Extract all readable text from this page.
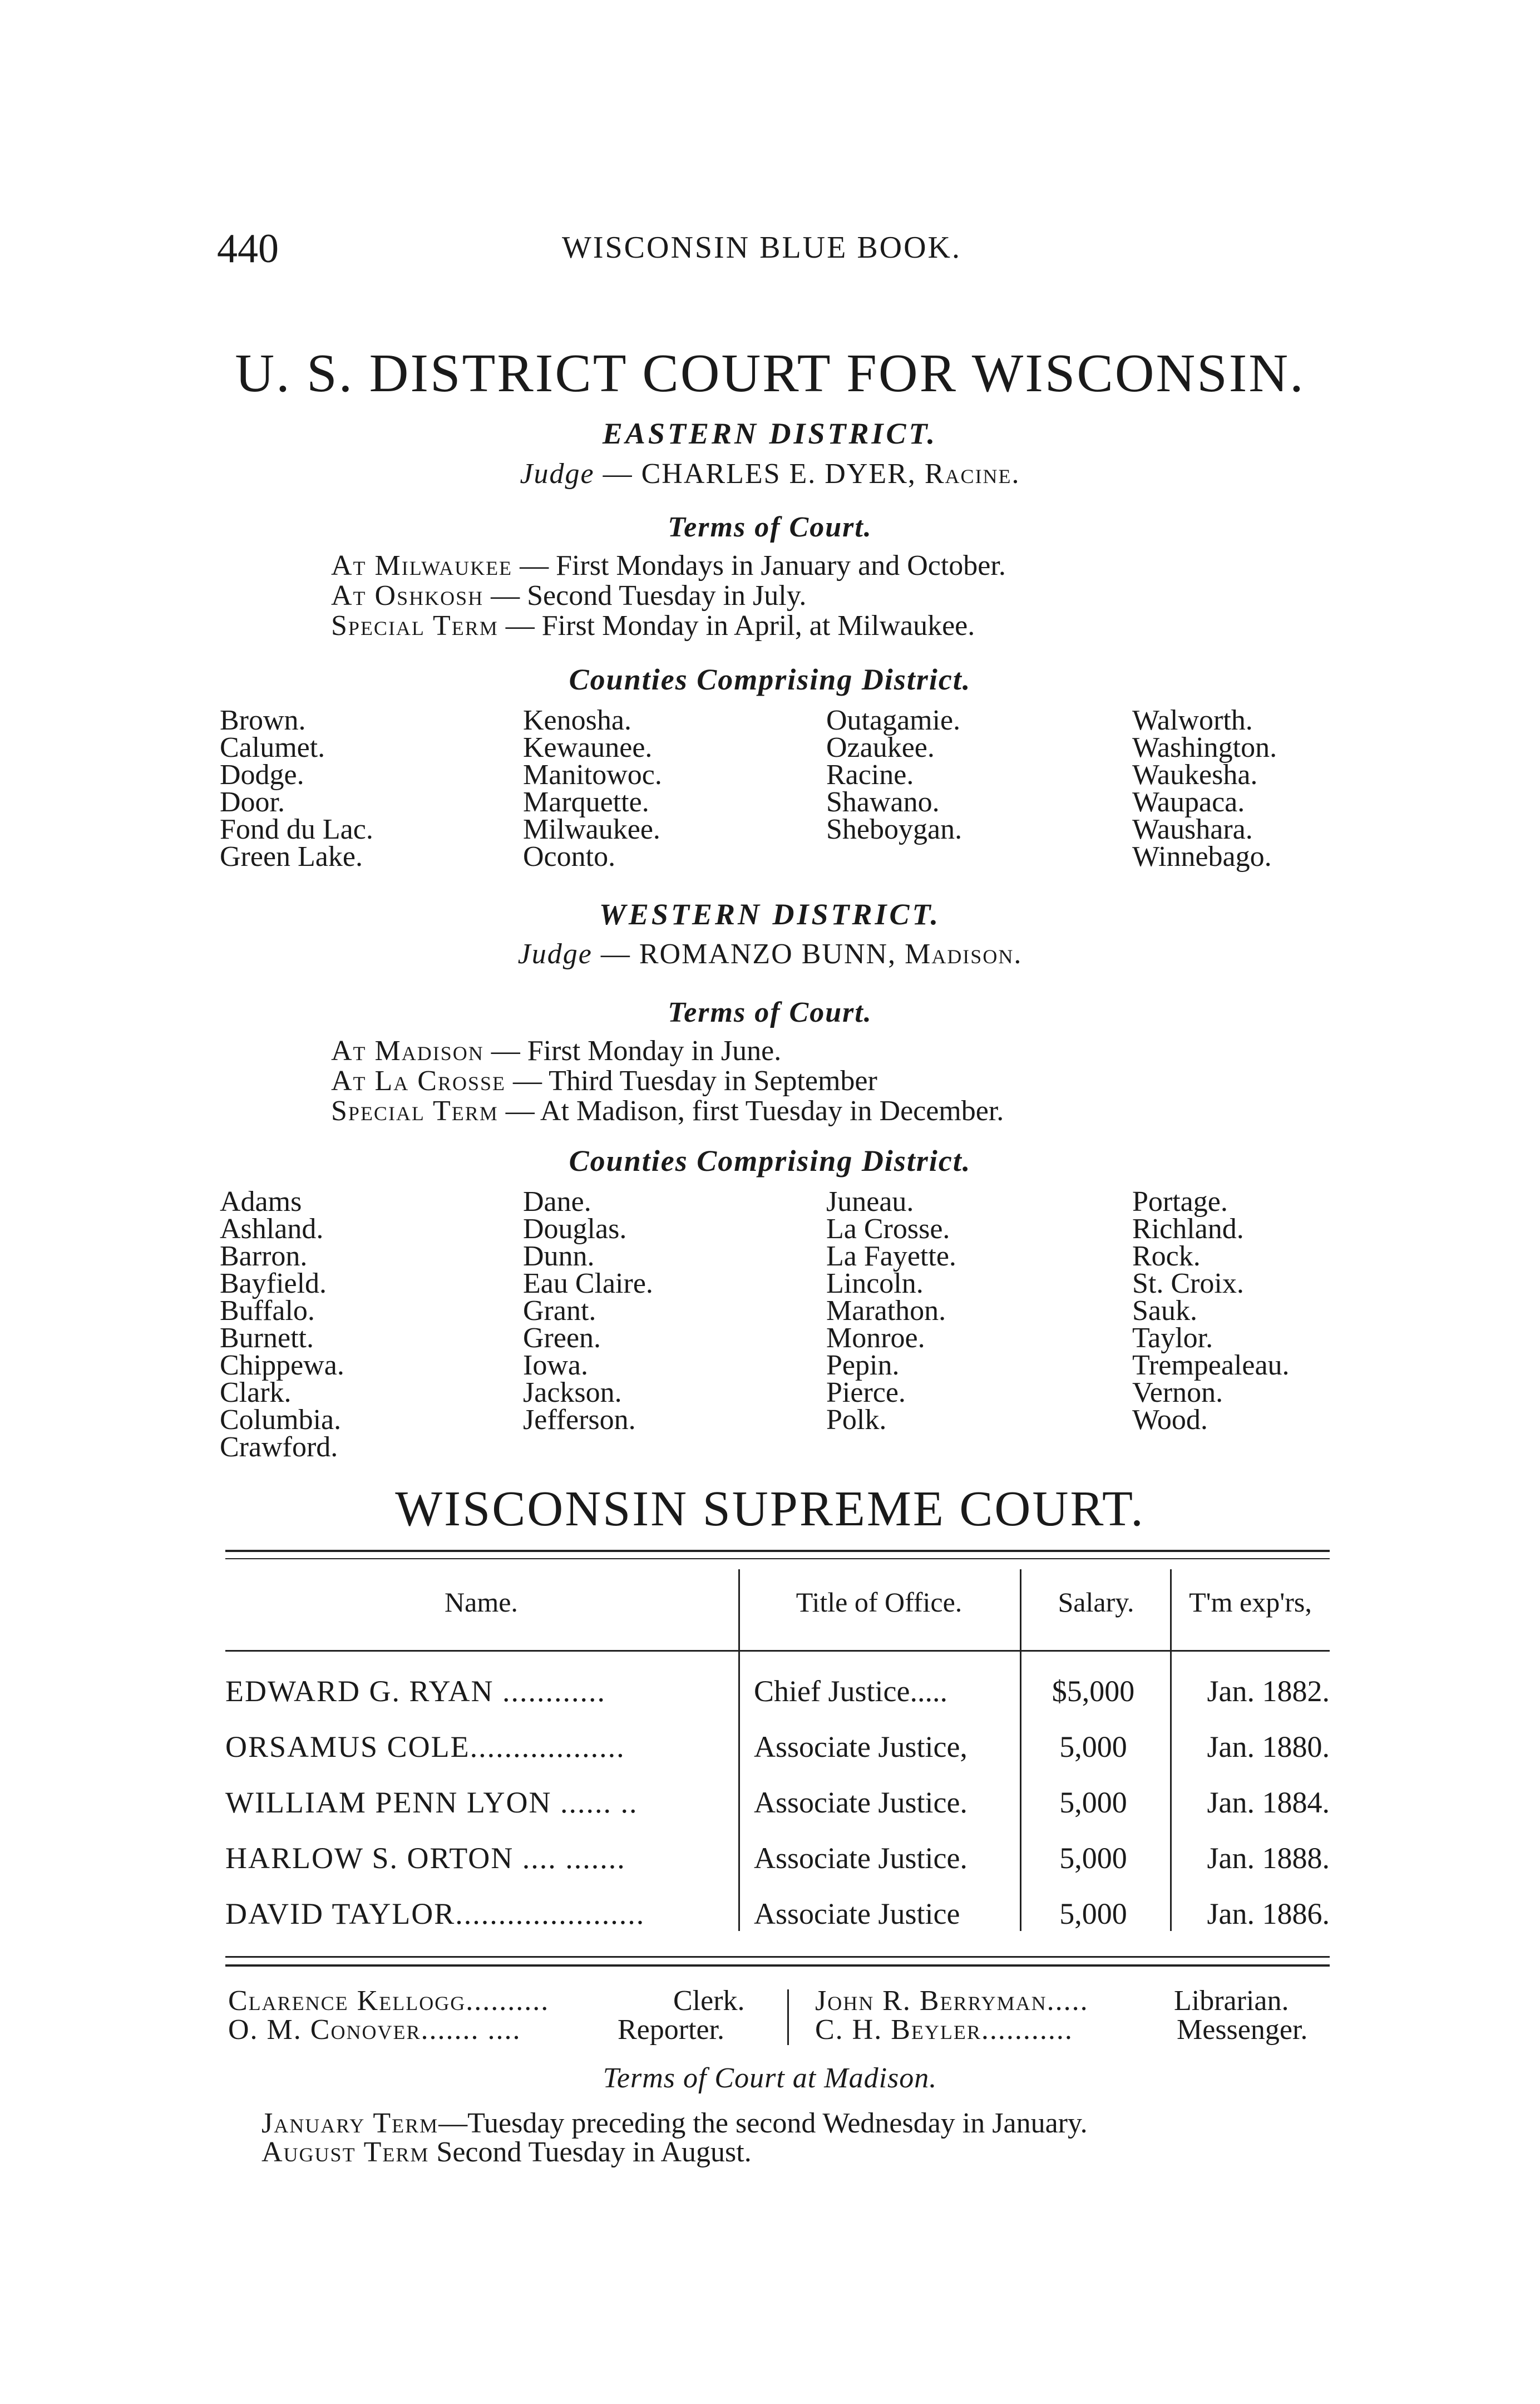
440	WISCONSIN BLUE BOOK.
U. S. DISTRICT COURT FOR WISCONSIN.
EASTERN DISTRICT.
Judge — CHARLES E. DYER, Racine.
Terms of Court.
At Milwaukee — First Mondays in January and October.
At Oshkosh — Second Tuesday in July.
Special Term — First Monday in April, at Milwaukee.
Counties Comprising District.
Brown.
Calumet.
Dodge.
Door.
Fond du Lac.
Green Lake.
Kenosha.
Kewaunee.
Manitowoc.
Marquette.
Milwaukee.
Oconto.
Outagamie.
Ozaukee.
Racine.
Shawano.
Sheboygan.
Walworth.
Washington.
Waukesha.
Waupaca.
Waushara.
Winnebago.
WESTERN DISTRICT.
Judge — ROMANZO BUNN, Madison.
Terms of Court.
At Madison — First Monday in June.
At La Crosse — Third Tuesday in September
Special Term — At Madison, first Tuesday in December.
Counties Comprising District.
Adams
Ashland.
Barron.
Bayfield.
Buffalo.
Burnett.
Chippewa.
Clark.
Columbia.
Crawford.
Dane.
Douglas.
Dunn.
Eau Claire.
Grant.
Green.
Iowa.
Jackson.
Jefferson.
Juneau.
La Crosse.
La Fayette.
Lincoln.
Marathon.
Monroe.
Pepin.
Pierce.
Polk.
Portage.
Richland.
Rock.
St. Croix.
Sauk.
Taylor.
Trempealeau.
Vernon.
Wood.
WISCONSIN SUPREME COURT.
Name.	Title of Office.	Salary.	T'm exp'rs,
EDWARD G. RYAN ............	Chief Justice.....	$5,000	Jan. 1882.
ORSAMUS COLE..................	Associate Justice,	5,000	Jan. 1880.
WILLIAM PENN LYON ...... ..	Associate Justice.	5,000	Jan. 1884.
HARLOW S. ORTON .... .......	Associate Justice.	5,000	Jan. 1888.
DAVID TAYLOR......................	Associate Justice	5,000	Jan. 1886.
Clarence Kellogg..........	Clerk.
O. M. Conover....... ....	Reporter.
John R. Berryman.....	Librarian.
C. H. Beyler...........	Messenger.
Terms of Court at Madison.
January Term—Tuesday preceding the second Wednesday in January.
August Term Second Tuesday in August.
